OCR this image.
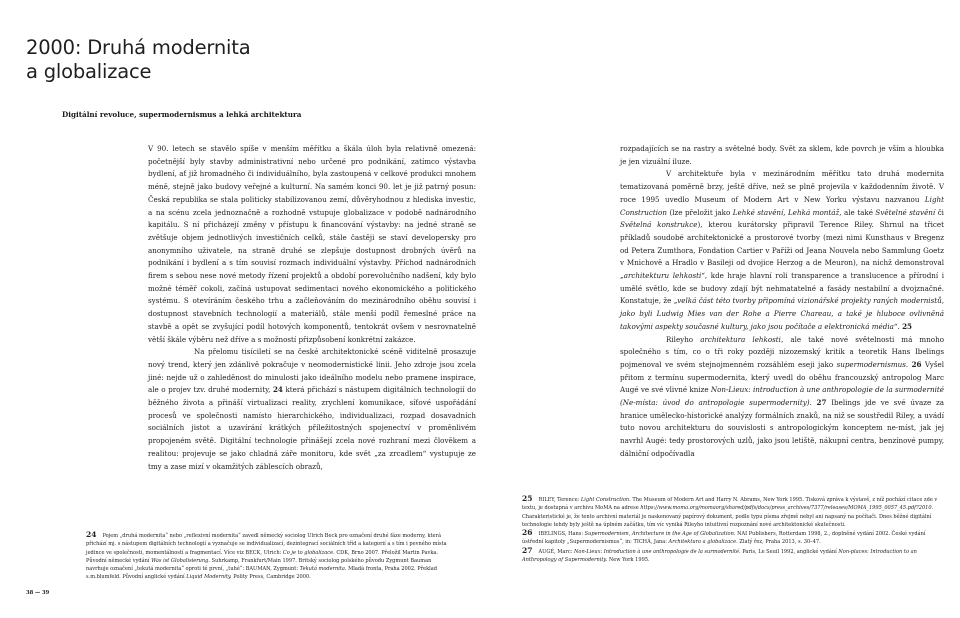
2000: Druhá modernita
a globalizace
Digitální revoluce, supermodernismus a lehká architektura

V 90. letech se stavělo spíše v menším měřítku a škála úloh byla relativně omezená: početnější byly stavby administrativní nebo určené pro podnikání, zatímco výstavba bydlení, ať již hromadného či individuálního, byla zastoupená v celkové produkci mnohem méně, stejně jako budovy veřejné a kulturní. Na samém konci 90. let je již patrný posun: Česká republika se stala politicky stabilizovanou zemí, důvěryhodnou z hlediska investic, a na scénu zcela jednoznačně a rozhodně vstupuje globalizace v podobě nadnárodního kapitálu. S ní přicházejí změny v přístupu k financování výstavby: na jedné straně se zvětšuje objem jednotlivých investičních celků, stále častěji se staví developersky pro anonymního uživatele, na straně druhé se zlepšuje dostupnost drobných úvěrů na podnikání i bydlení a s tím souvisí rozmach individuální výstavby. Příchod nadnárodních firem s sebou nese nové metody řízení projektů a období porevolučního nadšení, kdy bylo možné téměř cokoli, začíná ustupovat sedimentaci nového ekonomického a politického systému. S otevíráním českého trhu a začleňováním do mezinárodního oběhu souvisí i dostupnost stavebních technologií a materiálů, stále menší podíl řemeslné práce na stavbě a opět se zvyšující podíl hotových komponentů, tentokrát ovšem v nesrovnatelně větší škále výběru než dříve a s možností přizpůsobení konkrétní zakázce.

Na přelomu tisíciletí se na české architektonické scéně viditelně prosazuje nový trend, který jen zdánlivě pokračuje v neomodernistické linii. Jeho zdroje jsou zcela jiné: nejde už o zahleděnost do minulosti jako ideálního modelu nebo pramene inspirace, ale o projev tzv. druhé modernity, 24 která přichází s nástupem digitálních technologií do běžného života a přináší virtualizaci reality, zrychlení komunikace, síťové uspořádání procesů ve společnosti namísto hierarchického, individualizaci, rozpad dosavadních sociálních jistot a uzavírání krátkých příležitostných spojenectví v proměnlivém propojeném světě. Digitální technologie přinášejí zcela nové rozhraní mezi člověkem a realitou: projevuje se jako chladná záře monitoru, kde svět „za zrcadlem“ vystupuje ze tmy a zase mizí v okamžitých záblescích obrazů,

rozpadajících se na rastry a světelné body. Svět za sklem, kde povrch je vším a hloubka je jen vizuální iluze.

V architektuře byla v mezinárodním měřítku tato druhá modernita tematizovaná poměrně brzy, ještě dříve, než se plně projevila v každodenním životě. V roce 1995 uvedlo Museum of Modern Art v New Yorku výstavu nazvanou Light Construction (lze přeložit jako Lehké stavění, Lehká montáž, ale také Světelné stavění či Světelná konstrukce), kterou kurátorsky připravil Terence Riley. Shrnul na třicet příkladů soudobé architektonické a prostorové tvorby (mezi nimi Kunsthaus v Bregenz od Petera Zumthora, Fondation Cartier v Paříži od Jeana Nouvela nebo Sammlung Goetz v Mnichově a Hradlo v Basileji od dvojice Herzog a de Meuron), na nichž demonstroval „architekturu lehkosti“, kde hraje hlavní roli transparence a translucence a přírodní i umělé světlo, kde se budovy zdají být nehmatatelné a fasády nestabilní a dvojznačné. Konstatuje, že „velká část této tvorby připomíná vizionářské projekty raných modernistů, jako byli Ludwig Mies van der Rohe a Pierre Chareau, a také je hluboce ovlivněná takovými aspekty současné kultury, jako jsou počítače a elektronická média“. 25

Rileyho architektura lehkosti, ale také nové světelnosti má mnoho společného s tím, co o tři roky později nizozemský kritik a teoretik Hans Ibelings pojmenoval ve svém stejnojmenném rozsáhlém eseji jako supermodernismus. 26 Vyšel přitom z termínu supermodernita, který uvedl do oběhu francouzský antropolog Marc Augé ve své vlivné knize Non-Lieux: introduction à une anthropologie de la surmodernité (Ne-místa: úvod do antropologie supermodernity). 27 Ibelings jde ve své úvaze za hranice umělecko-historické analýzy formálních znaků, na niž se soustředil Riley, a uvádí tuto novou architekturu do souvislosti s antropologickým konceptem ne-míst, jak jej navrhl Augé: tedy prostorových uzlů, jako jsou letiště, nákupní centra, benzínové pumpy, dálniční odpočívadla

24 Pojem „druhá modernita“ nebo „reflexivní modernita“ zavedl německý sociolog Ulrich Beck pro označení druhé fáze moderny, která přichází mj. s nástupem digitálních technologií a vyznačuje se individualizací, dezintegrací sociálních tříd a kategorií a s tím i pevného místa jedince ve společnosti, momentálností a fragmentací. Více viz BECK, Ulrich: Co je to globalizace. CDK, Brno 2007. Přeložil Martin Pavka. Původní německé vydání Was ist Globalisierung. Suhrkamp, Frankfurt/Main 1997. Britský sociolog polského původu Zygmunt Bauman navrhuje označení „tekutá modernita“ oproti té první, „tuhé“: BAUMAN, Zygmunt: Tekutá modernita. Mladá fronta, Praha 2002. Překlad s.m.blumfeld. Původní anglické vydání Liquid Modernity. Polity Press, Cambridge 2000.

25 RILEY, Terence: Light Construction. The Museum of Modern Art and Harry N. Abrams, New York 1995. Tisková zpráva k výstavě, z níž pochází citace zde v textu, je dostupná v archivu MoMA na adrese https://www.moma.org/momaorg/shared/pdfs/docs/press_archives/7377/releases/MOMA_1995_0057_45.pdf?2010. Charakteristické je, že tento archivní materiál je naskenovaný papírový dokument, podle typu písma zřejmě nebyl ani napsaný na počítači. Dnes běžné digitální technologie tehdy byly ještě na úplném začátku, tím víc vyniká Rileyho intuitivní rozpoznání nové architektonické skutečnosti.

26 IBELINGS, Hans: Supermodernism, Architecture in the Age of Globalization. NAI Publishers, Rotterdam 1998, 2., doplněné vydání 2002. České vydání ústřední kapitoly „Supermodernismus“, in: TICHÁ, Jana: Architektura a globalizace. Zlatý řez, Praha 2013, s. 30–47.

27 AUGÉ, Marc: Non-Lieux: Introduction à une anthropologie de la surmodernité. Paris, Le Seuil 1992, anglické vydání Non-places: Introduction to an Anthropology of Supermodernity. New York 1995.

38 — 39
